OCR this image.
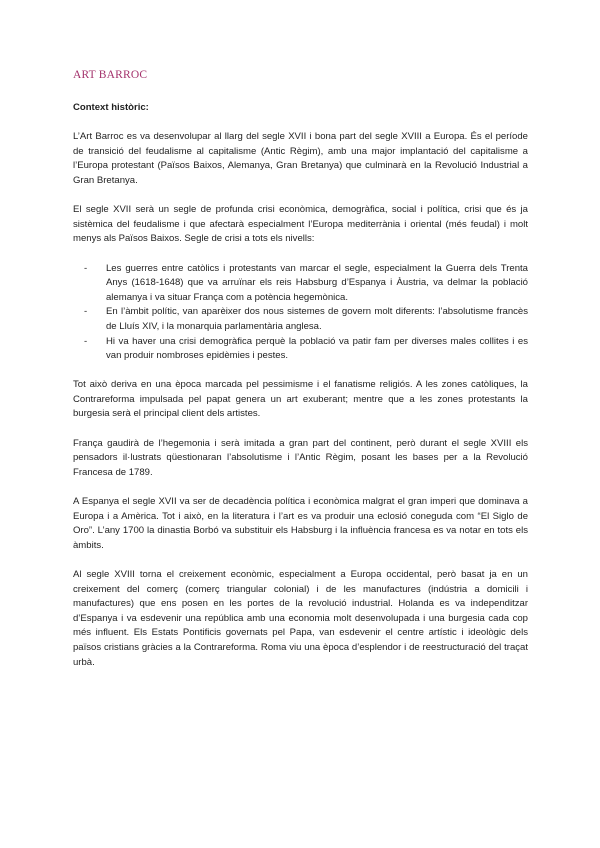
ART BARROC

Context històric:

L’Art Barroc es va desenvolupar al llarg del segle XVII i bona part del segle XVIII a Europa. És el període de transició del feudalisme al capitalisme (Antic Règim), amb una major implantació del capitalisme a l’Europa protestant (Països Baixos, Alemanya, Gran Bretanya) que culminarà en la Revolució Industrial a Gran Bretanya.

El segle XVII serà un segle de profunda crisi econòmica, demogràfica, social i política, crisi que és ja sistèmica del feudalisme i que afectarà especialment l’Europa mediterrània i oriental (més feudal) i molt menys als Països Baixos. Segle de crisi a tots els nivells:

- Les guerres entre catòlics i protestants van marcar el segle, especialment la Guerra dels Trenta Anys (1618-1648) que va arruïnar els reis Habsburg d’Espanya i Àustria, va delmar la població alemanya i va situar França com a potència hegemònica.
- En l’àmbit polític, van aparèixer dos nous sistemes de govern molt diferents: l’absolutisme francès de Lluís XIV, i la monarquia parlamentària anglesa.
- Hi va haver una crisi demogràfica perquè la població va patir fam per diverses males collites i es van produir nombroses epidèmies i pestes.

Tot això deriva en una època marcada pel pessimisme i el fanatisme religiós. A les zones catòliques, la Contrareforma impulsada pel papat genera un art exuberant; mentre que a les zones protestants la burgesia serà el principal client dels artistes.

França gaudirà de l’hegemonia i serà imitada a gran part del continent, però durant el segle XVIII els pensadors il·lustrats qüestionaran l’absolutisme i l’Antic Règim, posant les bases per a la Revolució Francesa de 1789.

A Espanya el segle XVII va ser de decadència política i econòmica malgrat el gran imperi que dominava a Europa i a Amèrica. Tot i això, en la literatura i l’art es va produir una eclosió coneguda com “El Siglo de Oro”. L’any 1700 la dinastia Borbó va substituir els Habsburg i la influència francesa es va notar en tots els àmbits.

Al segle XVIII torna el creixement econòmic, especialment a Europa occidental, però basat ja en un creixement del comerç (comerç triangular colonial) i de les manufactures (indústria a domicili i manufactures) que ens posen en les portes de la revolució industrial. Holanda es va independitzar d’Espanya i va esdevenir una república amb una economia molt desenvolupada i una burgesia cada cop més influent. Els Estats Pontificis governats pel Papa, van esdevenir el centre artístic i ideològic dels països cristians gràcies a la Contrareforma. Roma viu una època d’esplendor i de reestructuració del traçat urbà.
